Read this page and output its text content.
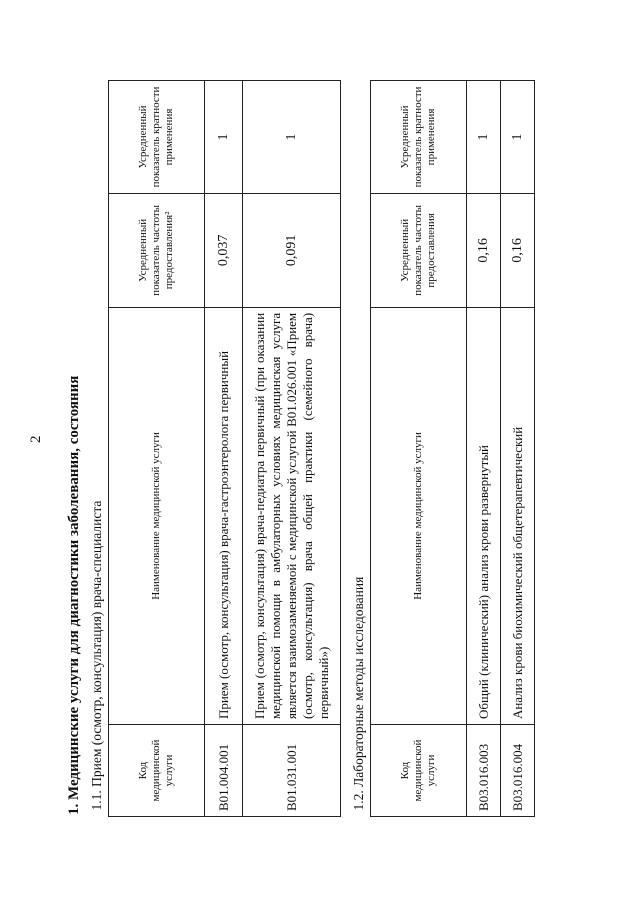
2 1. Медицинские услуги для диагностики заболевания, состояния 1.1. Прием (осмотр, консультация) врача-специалиста			
Код медицинской услуги	Наименование медицинской услуги	Усредненный показатель частоты предоставления²	Усредненный показатель кратности применения
B01.004.001	Прием (осмотр, консультация) врача-гастроэнтеролога первичный	0,037	1
B01.031.001	Прием (осмотр, консультация) врача-педиатра первичный (при оказании медицинской помощи в амбулаторных условиях медицинская услуга является взаимозаменяемой с медицинской услугой B01.026.001 «Прием (осмотр, консультация) врача общей практики (семейного врача) первичный»)	0,091	1
1.2. Лабораторные методы исследования			
Код медицинской услуги	Наименование медицинской услуги	Усредненный показатель частоты предоставления	Усредненный показатель кратности применения
B03.016.003	Общий (клинический) анализ крови развернутый	0,16	1
B03.016.004	Анализ крови биохимический общетерапевтический	0,16	1
